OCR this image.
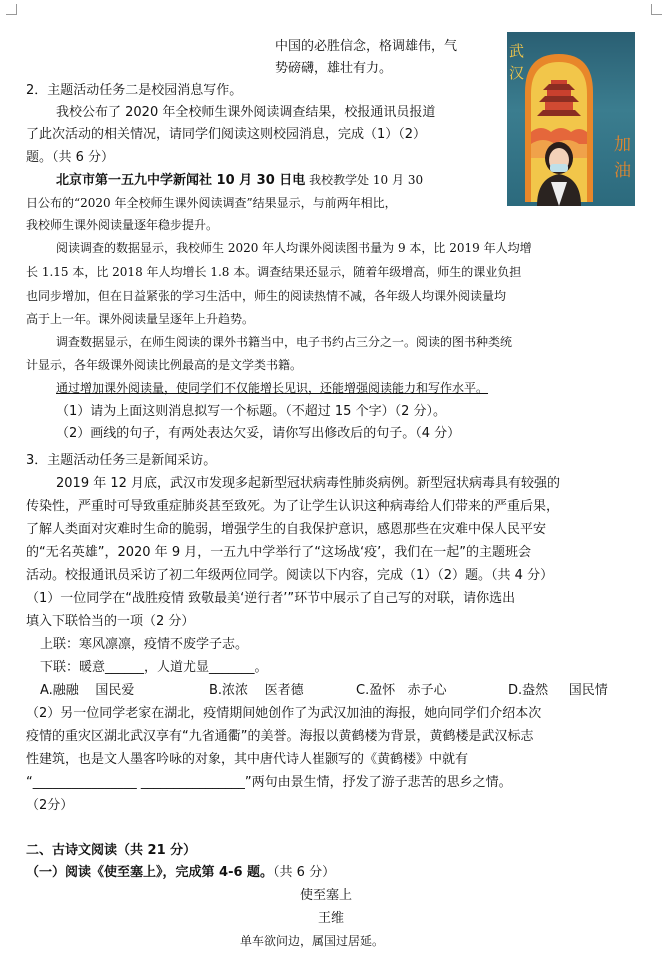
武汉
加油
中国的必胜信念，格调雄伟，气
势磅礴，雄壮有力。
2．主题活动任务二是校园消息写作。
我校公布了 2020 年全校师生课外阅读调查结果，校报通讯员报道
了此次活动的相关情况，请同学们阅读这则校园消息，完成（1）（2）
题。（共 6 分）
北京市第一五九中学新闻社 10 月 30 日电 我校教学处 10 月 30
日公布的“2020 年全校师生课外阅读调查”结果显示，与前两年相比，
我校师生课外阅读量逐年稳步提升。
阅读调查的数据显示，我校师生 2020 年人均课外阅读图书量为 9 本，比 2019 年人均增
长 1.15 本，比 2018 年人均增长 1.8 本。调查结果还显示，随着年级增高，师生的课业负担
也同步增加，但在日益紧张的学习生活中，师生的阅读热情不减，各年级人均课外阅读量均
高于上一年。课外阅读量呈逐年上升趋势。
调查数据显示，在师生阅读的课外书籍当中，电子书约占三分之一。阅读的图书种类统
计显示，各年级课外阅读比例最高的是文学类书籍。
通过增加课外阅读量，使同学们不仅能增长见识，还能增强阅读能力和写作水平。
（1）请为上面这则消息拟写一个标题。（不超过 15 个字）（2 分）。
（2）画线的句子，有两处表达欠妥，请你写出修改后的句子。（4 分）
3．主题活动任务三是新闻采访。
2019 年 12 月底，武汉市发现多起新型冠状病毒性肺炎病例。新型冠状病毒具有较强的
传染性，严重时可导致重症肺炎甚至致死。为了让学生认识这种病毒给人们带来的严重后果，
了解人类面对灾难时生命的脆弱，增强学生的自我保护意识，感恩那些在灾难中保人民平安
的“无名英雄”，2020 年 9 月，一五九中学举行了“这场战‘疫’，我们在一起”的主题班会
活动。校报通讯员采访了初二年级两位同学。阅读以下内容，完成（1）（2）题。（共 4 分）
（1）一位同学在“战胜疫情 致敬最美‘逆行者’”环节中展示了自己写的对联，请你选出
填入下联恰当的一项（2 分）
上联：寒风凛凛，疫情不废学子志。
下联：暖意______，人道尤显_______。
A.融融    国民爱	B.浓浓    医者德	C.盈怀   赤子心	D.盎然     国民情
（2）另一位同学老家在湖北，疫情期间她创作了为武汉加油的海报，她向同学们介绍本次
疫情的重灾区湖北武汉享有“九省通衢”的美誉。海报以黄鹤楼为背景，黄鹤楼是武汉标志
性建筑，也是文人墨客吟咏的对象，其中唐代诗人崔颢写的《黄鹤楼》中就有
“________________ ________________”两句由景生情，抒发了游子悲苦的思乡之情。
（2分）
二、古诗文阅读（共 21 分）
（一）阅读《使至塞上》，完成第 4-6 题。（共 6 分）
使至塞上
王维
单车欲问边，属国过居延。
